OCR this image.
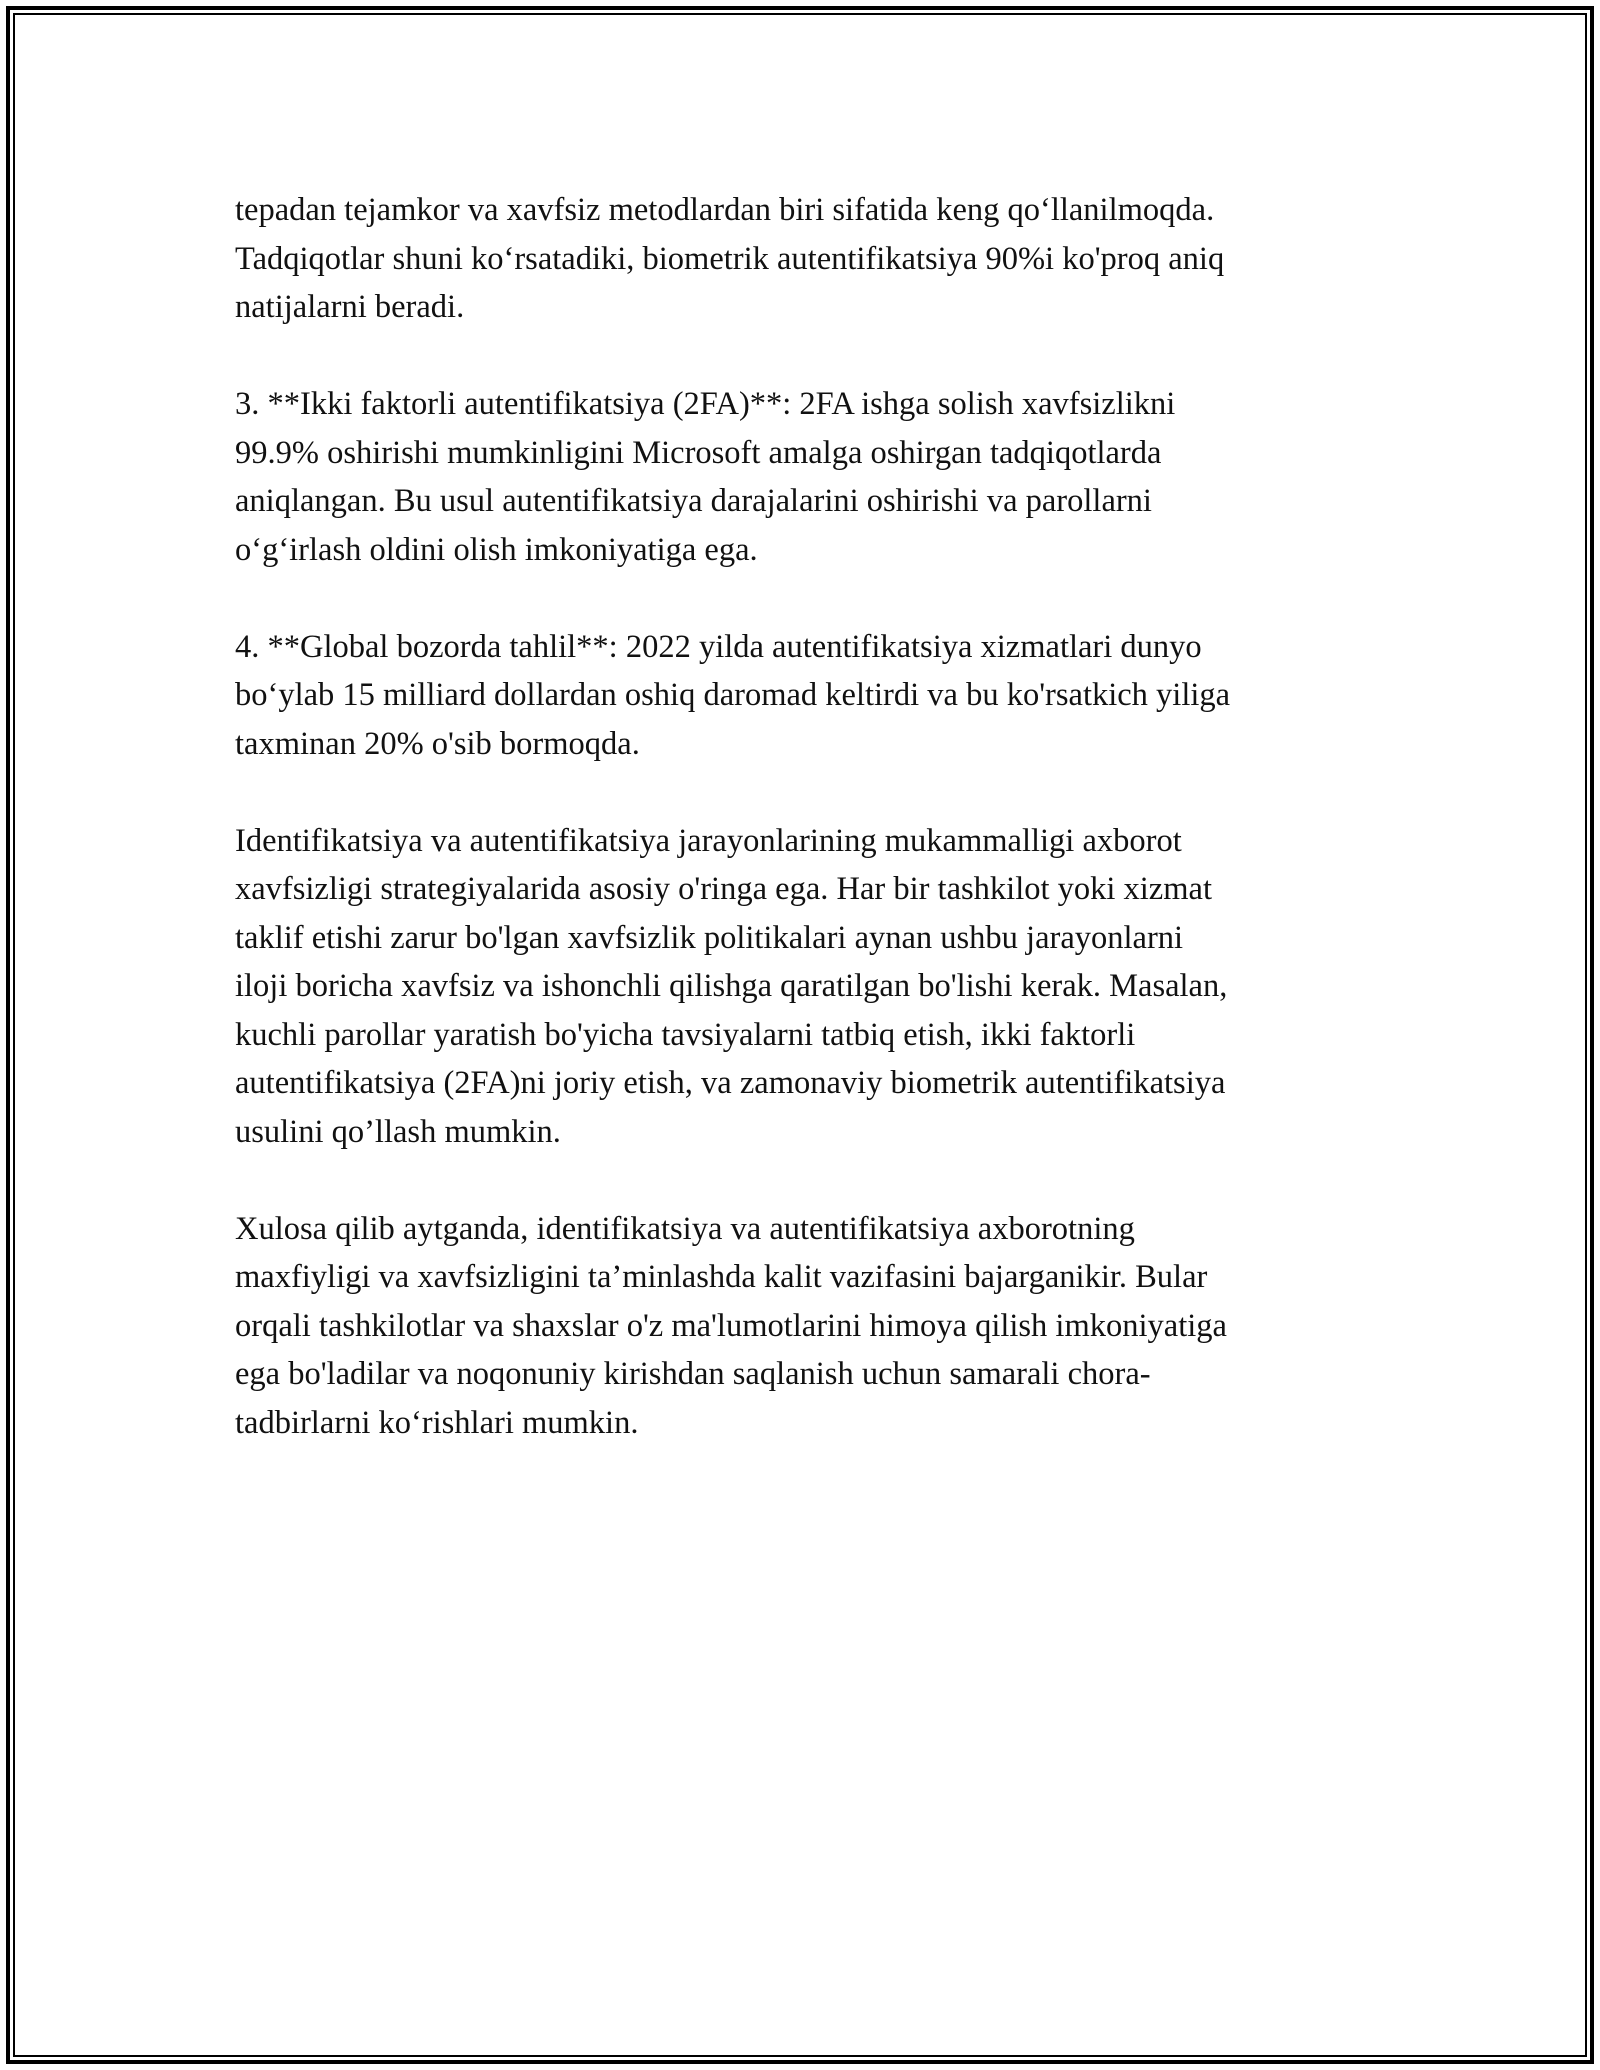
tepadan tejamkor va xavfsiz metodlardan biri sifatida keng qo‘llanilmoqda.
Tadqiqotlar shuni ko‘rsatadiki, biometrik autentifikatsiya 90%i ko'proq aniq
natijalarni beradi.

3. **Ikki faktorli autentifikatsiya (2FA)**: 2FA ishga solish xavfsizlikni
99.9% oshirishi mumkinligini Microsoft amalga oshirgan tadqiqotlarda
aniqlangan. Bu usul autentifikatsiya darajalarini oshirishi va parollarni
o‘g‘irlash oldini olish imkoniyatiga ega.

4. **Global bozorda tahlil**: 2022 yilda autentifikatsiya xizmatlari dunyo
bo‘ylab 15 milliard dollardan oshiq daromad keltirdi va bu ko'rsatkich yiliga
taxminan 20% o'sib bormoqda.

Identifikatsiya va autentifikatsiya jarayonlarining mukammalligi axborot
xavfsizligi strategiyalarida asosiy o'ringa ega. Har bir tashkilot yoki xizmat
taklif etishi zarur bo'lgan xavfsizlik politikalari aynan ushbu jarayonlarni
iloji boricha xavfsiz va ishonchli qilishga qaratilgan bo'lishi kerak. Masalan,
kuchli parollar yaratish bo'yicha tavsiyalarni tatbiq etish, ikki faktorli
autentifikatsiya (2FA)ni joriy etish, va zamonaviy biometrik autentifikatsiya
usulini qo’llash mumkin.

Xulosa qilib aytganda, identifikatsiya va autentifikatsiya axborotning
maxfiyligi va xavfsizligini ta’minlashda kalit vazifasini bajarganikir. Bular
orqali tashkilotlar va shaxslar o'z ma'lumotlarini himoya qilish imkoniyatiga
ega bo'ladilar va noqonuniy kirishdan saqlanish uchun samarali chora-
tadbirlarni ko‘rishlari mumkin.
